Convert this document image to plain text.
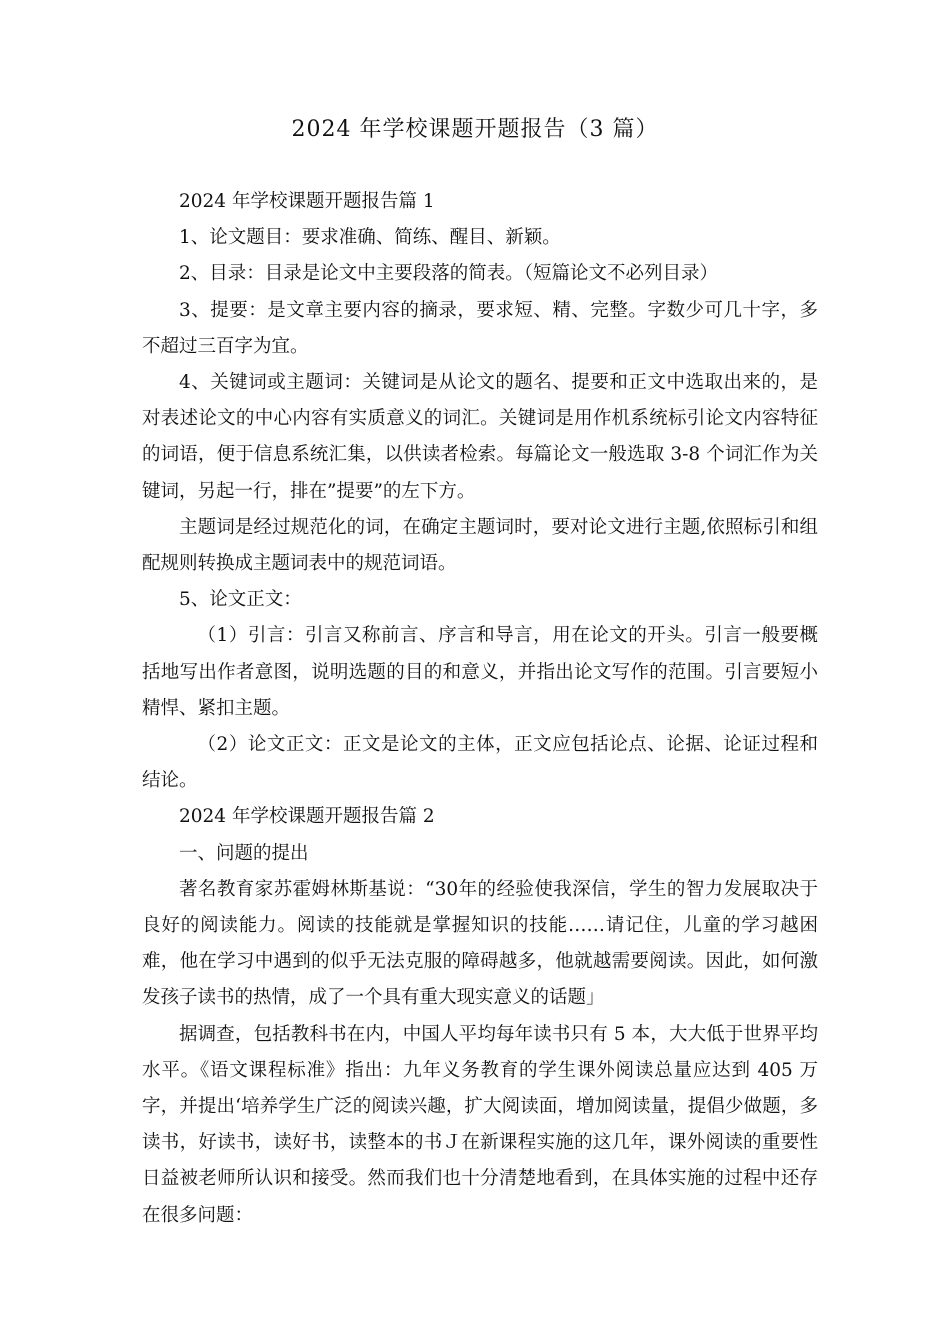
2024 年学校课题开题报告（3 篇）

2024 年学校课题开题报告篇 1

1、论文题目：要求准确、简练、醒目、新颖。

2、目录：目录是论文中主要段落的简表。（短篇论文不必列目录）

3、提要：是文章主要内容的摘录，要求短、精、完整。字数少可几十字，多不超过三百字为宜。

4、关键词或主题词：关键词是从论文的题名、提要和正文中选取出来的，是对表述论文的中心内容有实质意义的词汇。关键词是用作机系统标引论文内容特征的词语，便于信息系统汇集，以供读者检索。每篇论文一般选取 3-8 个词汇作为关键词，另起一行，排在”提要”的左下方。

主题词是经过规范化的词，在确定主题词时，要对论文进行主题,依照标引和组配规则转换成主题词表中的规范词语。

5、论文正文：

（1）引言：引言又称前言、序言和导言，用在论文的开头。引言一般要概括地写出作者意图，说明选题的目的和意义，并指出论文写作的范围。引言要短小精悍、紧扣主题。

（2）论文正文：正文是论文的主体，正文应包括论点、论据、论证过程和结论。

2024 年学校课题开题报告篇 2

一、问题的提出

著名教育家苏霍姆林斯基说：“30年的经验使我深信，学生的智力发展取决于良好的阅读能力。阅读的技能就是掌握知识的技能……请记住，儿童的学习越困难，他在学习中遇到的似乎无法克服的障碍越多，他就越需要阅读。因此，如何激发孩子读书的热情，成了一个具有重大现实意义的话题」

据调查，包括教科书在内，中国人平均每年读书只有 5 本，大大低于世界平均水平。《语文课程标准》指出：九年义务教育的学生课外阅读总量应达到 405 万字，并提出‘培养学生广泛的阅读兴趣，扩大阅读面，增加阅读量，提倡少做题，多读书，好读书，读好书，读整本的书Ｊ在新课程实施的这几年，课外阅读的重要性日益被老师所认识和接受。然而我们也十分清楚地看到，在具体实施的过程中还存在很多问题：
